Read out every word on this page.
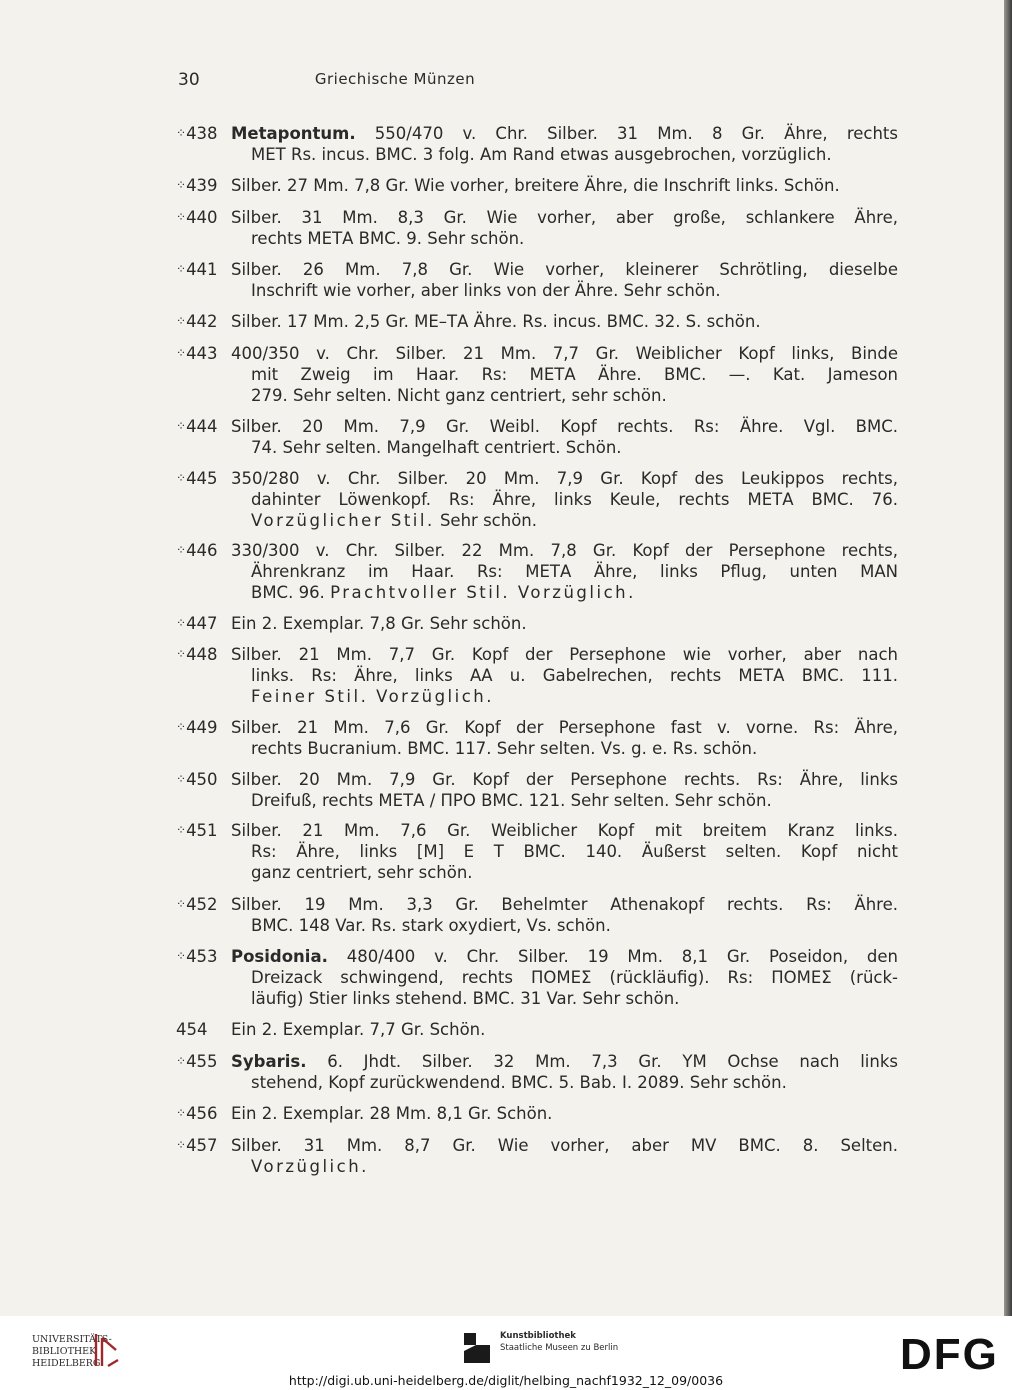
30	Griechische Münzen
⁘438 Metapontum. 550/470 v. Chr. Silber. 31 Mm. 8 Gr. Ähre, rechts
ΜΕΤ Rs. incus. BMC. 3 folg. Am Rand etwas ausgebrochen, vorzüglich.
⁘439 Silber. 27 Mm. 7,8 Gr. Wie vorher, breitere Ähre, die Inschrift links. Schön.
⁘440 Silber. 31 Mm. 8,3 Gr. Wie vorher, aber große, schlankere Ähre,
rechts ΜΕΤΑ BMC. 9. Sehr schön.
⁘441 Silber. 26 Mm. 7,8 Gr. Wie vorher, kleinerer Schrötling, dieselbe
Inschrift wie vorher, aber links von der Ähre. Sehr schön.
⁘442 Silber. 17 Mm. 2,5 Gr. ΜΕ–ΤΑ Ähre. Rs. incus. BMC. 32. S. schön.
⁘443 400/350 v. Chr. Silber. 21 Mm. 7,7 Gr. Weiblicher Kopf links, Binde
mit Zweig im Haar. Rs: ΜΕΤΑ Ähre. BMC. —. Kat. Jameson
279. Sehr selten. Nicht ganz centriert, sehr schön.
⁘444 Silber. 20 Mm. 7,9 Gr. Weibl. Kopf rechts. Rs: Ähre. Vgl. BMC.
74. Sehr selten. Mangelhaft centriert. Schön.
⁘445 350/280 v. Chr. Silber. 20 Mm. 7,9 Gr. Kopf des Leukippos rechts,
dahinter Löwenkopf. Rs: Ähre, links Keule, rechts ΜΕΤΑ BMC. 76.
Vorzüglicher Stil. Sehr schön.
⁘446 330/300 v. Chr. Silber. 22 Mm. 7,8 Gr. Kopf der Persephone rechts,
Ährenkranz im Haar. Rs: ΜΕΤΑ Ähre, links Pflug, unten ΜΑΝ
BMC. 96. Prachtvoller Stil. Vorzüglich.
⁘447 Ein 2. Exemplar. 7,8 Gr. Sehr schön.
⁘448 Silber. 21 Mm. 7,7 Gr. Kopf der Persephone wie vorher, aber nach
links. Rs: Ähre, links ΑΑ u. Gabelrechen, rechts ΜΕΤΑ BMC. 111.
Feiner Stil. Vorzüglich.
⁘449 Silber. 21 Mm. 7,6 Gr. Kopf der Persephone fast v. vorne. Rs: Ähre,
rechts Bucranium. BMC. 117. Sehr selten. Vs. g. e. Rs. schön.
⁘450 Silber. 20 Mm. 7,9 Gr. Kopf der Persephone rechts. Rs: Ähre, links
Dreifuß, rechts ΜΕΤΑ / ΠΡΟ BMC. 121. Sehr selten. Sehr schön.
⁘451 Silber. 21 Mm. 7,6 Gr. Weiblicher Kopf mit breitem Kranz links.
Rs: Ähre, links [Μ] Ε Τ BMC. 140. Äußerst selten. Kopf nicht
ganz centriert, sehr schön.
⁘452 Silber. 19 Mm. 3,3 Gr. Behelmter Athenakopf rechts. Rs: Ähre.
BMC. 148 Var. Rs. stark oxydiert, Vs. schön.
⁘453 Posidonia. 480/400 v. Chr. Silber. 19 Mm. 8,1 Gr. Poseidon, den
Dreizack schwingend, rechts ΠΟΜΕΣ (rückläufig). Rs: ΠΟΜΕΣ (rück-
läufig) Stier links stehend. BMC. 31 Var. Sehr schön.
454	Ein 2. Exemplar. 7,7 Gr. Schön.
⁘455 Sybaris. 6. Jhdt. Silber. 32 Mm. 7,3 Gr. ΥΜ Ochse nach links
stehend, Kopf zurückwendend. BMC. 5. Bab. I. 2089. Sehr schön.
⁘456 Ein 2. Exemplar. 28 Mm. 8,1 Gr. Schön.
⁘457 Silber. 31 Mm. 8,7 Gr. Wie vorher, aber ΜV BMC. 8. Selten.
Vorzüglich.
UNIVERSITÄTS-
BIBLIOTHEK
HEIDELBERG
Kunstbibliothek
Staatliche Museen zu Berlin	DFG
http://digi.ub.uni-heidelberg.de/diglit/helbing_nachf1932_12_09/0036
